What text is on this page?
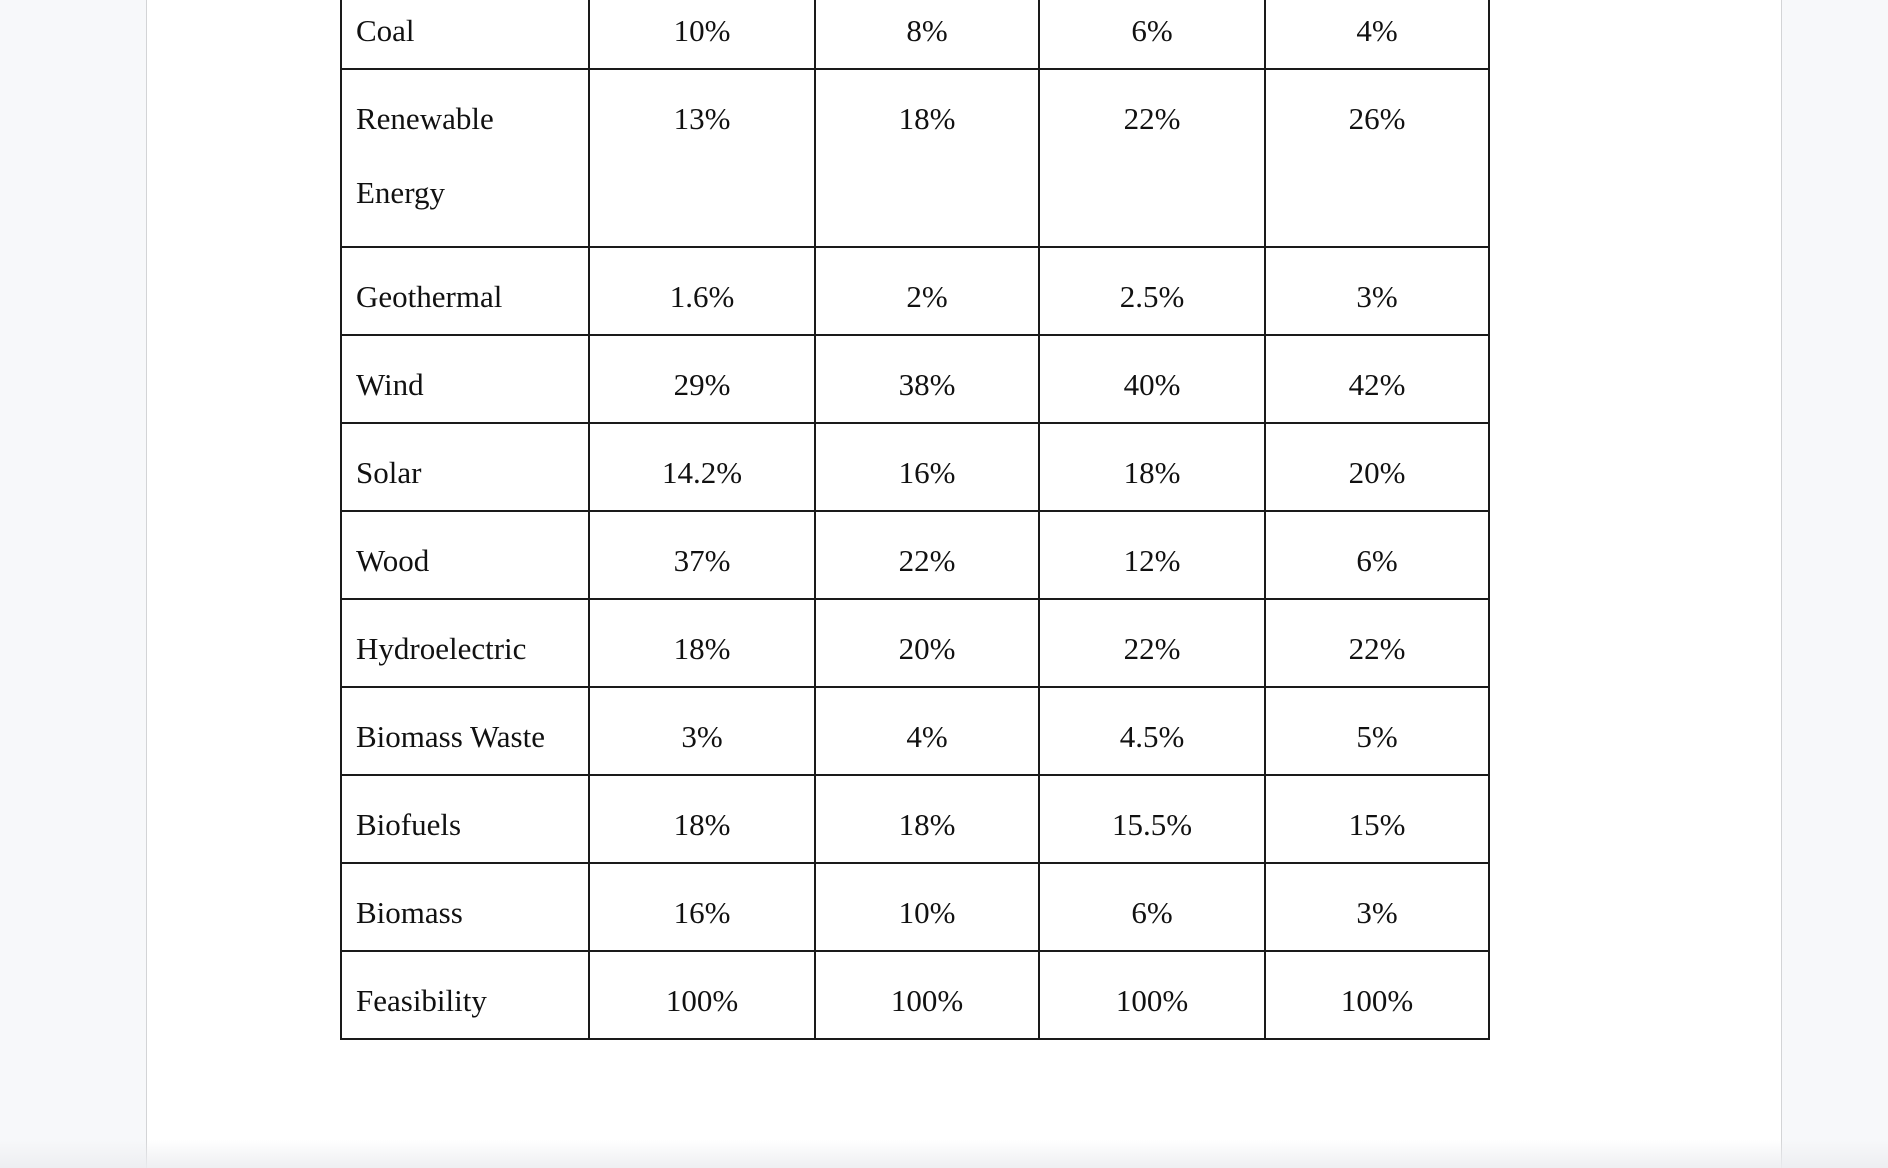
Coal	10%	8%	6%	4%
Renewable Energy	13%	18%	22%	26%
Geothermal	1.6%	2%	2.5%	3%
Wind	29%	38%	40%	42%
Solar	14.2%	16%	18%	20%
Wood	37%	22%	12%	6%
Hydroelectric	18%	20%	22%	22%
Biomass Waste	3%	4%	4.5%	5%
Biofuels	18%	18%	15.5%	15%
Biomass	16%	10%	6%	3%
Feasibility	100%	100%	100%	100%
